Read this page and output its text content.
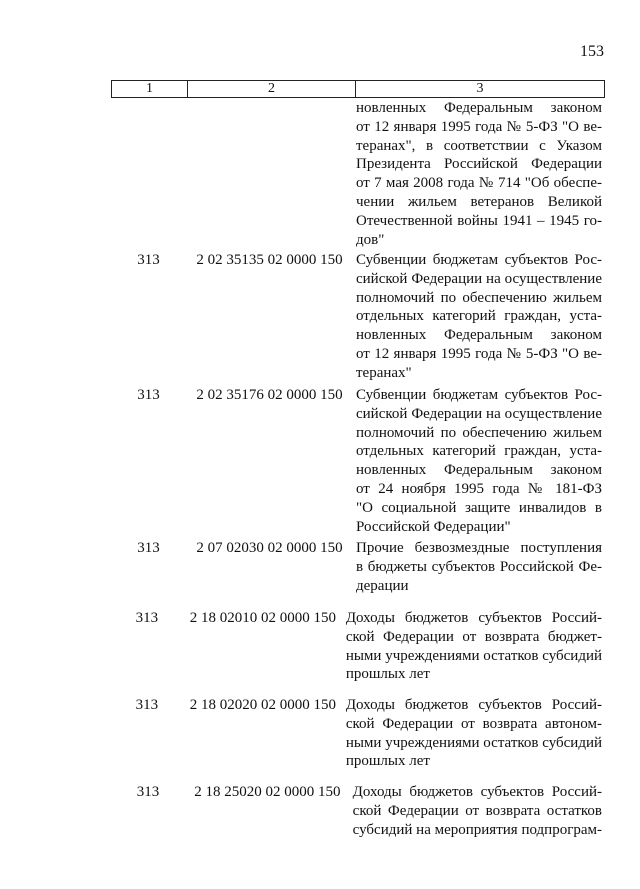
153
1	2	3
новленных Федеральным законом
от 12 января 1995 года № 5-ФЗ "О ве-
теранах", в соответствии с Указом
Президента Российской Федерации
от 7 мая 2008 года № 714 "Об обеспе-
чении жильем ветеранов Великой
Отечественной войны 1941 – 1945 го-
дов"
313	2 02 35135 02 0000 150 Субвенции бюджетам субъектов Рос-
сийской Федерации на осуществление
полномочий по обеспечению жильем
отдельных категорий граждан, уста-
новленных Федеральным законом
от 12 января 1995 года № 5-ФЗ "О ве-
теранах"
313	2 02 35176 02 0000 150 Субвенции бюджетам субъектов Рос-
сийской Федерации на осуществление
полномочий по обеспечению жильем
отдельных категорий граждан, уста-
новленных Федеральным законом
от 24 ноября 1995 года № 181-ФЗ
"О социальной защите инвалидов в
Российской Федерации"
313	2 07 02030 02 0000 150 Прочие безвозмездные поступления
в бюджеты субъектов Российской Фе-
дерации
313	2 18 02010 02 0000 150 Доходы бюджетов субъектов Россий-
ской Федерации от возврата бюджет-
ными учреждениями остатков субсидий
прошлых лет
313	2 18 02020 02 0000 150 Доходы бюджетов субъектов Россий-
ской Федерации от возврата автоном-
ными учреждениями остатков субсидий
прошлых лет
313	2 18 25020 02 0000 150 Доходы бюджетов субъектов Россий-
ской Федерации от возврата остатков
субсидий на мероприятия подпрограм-
